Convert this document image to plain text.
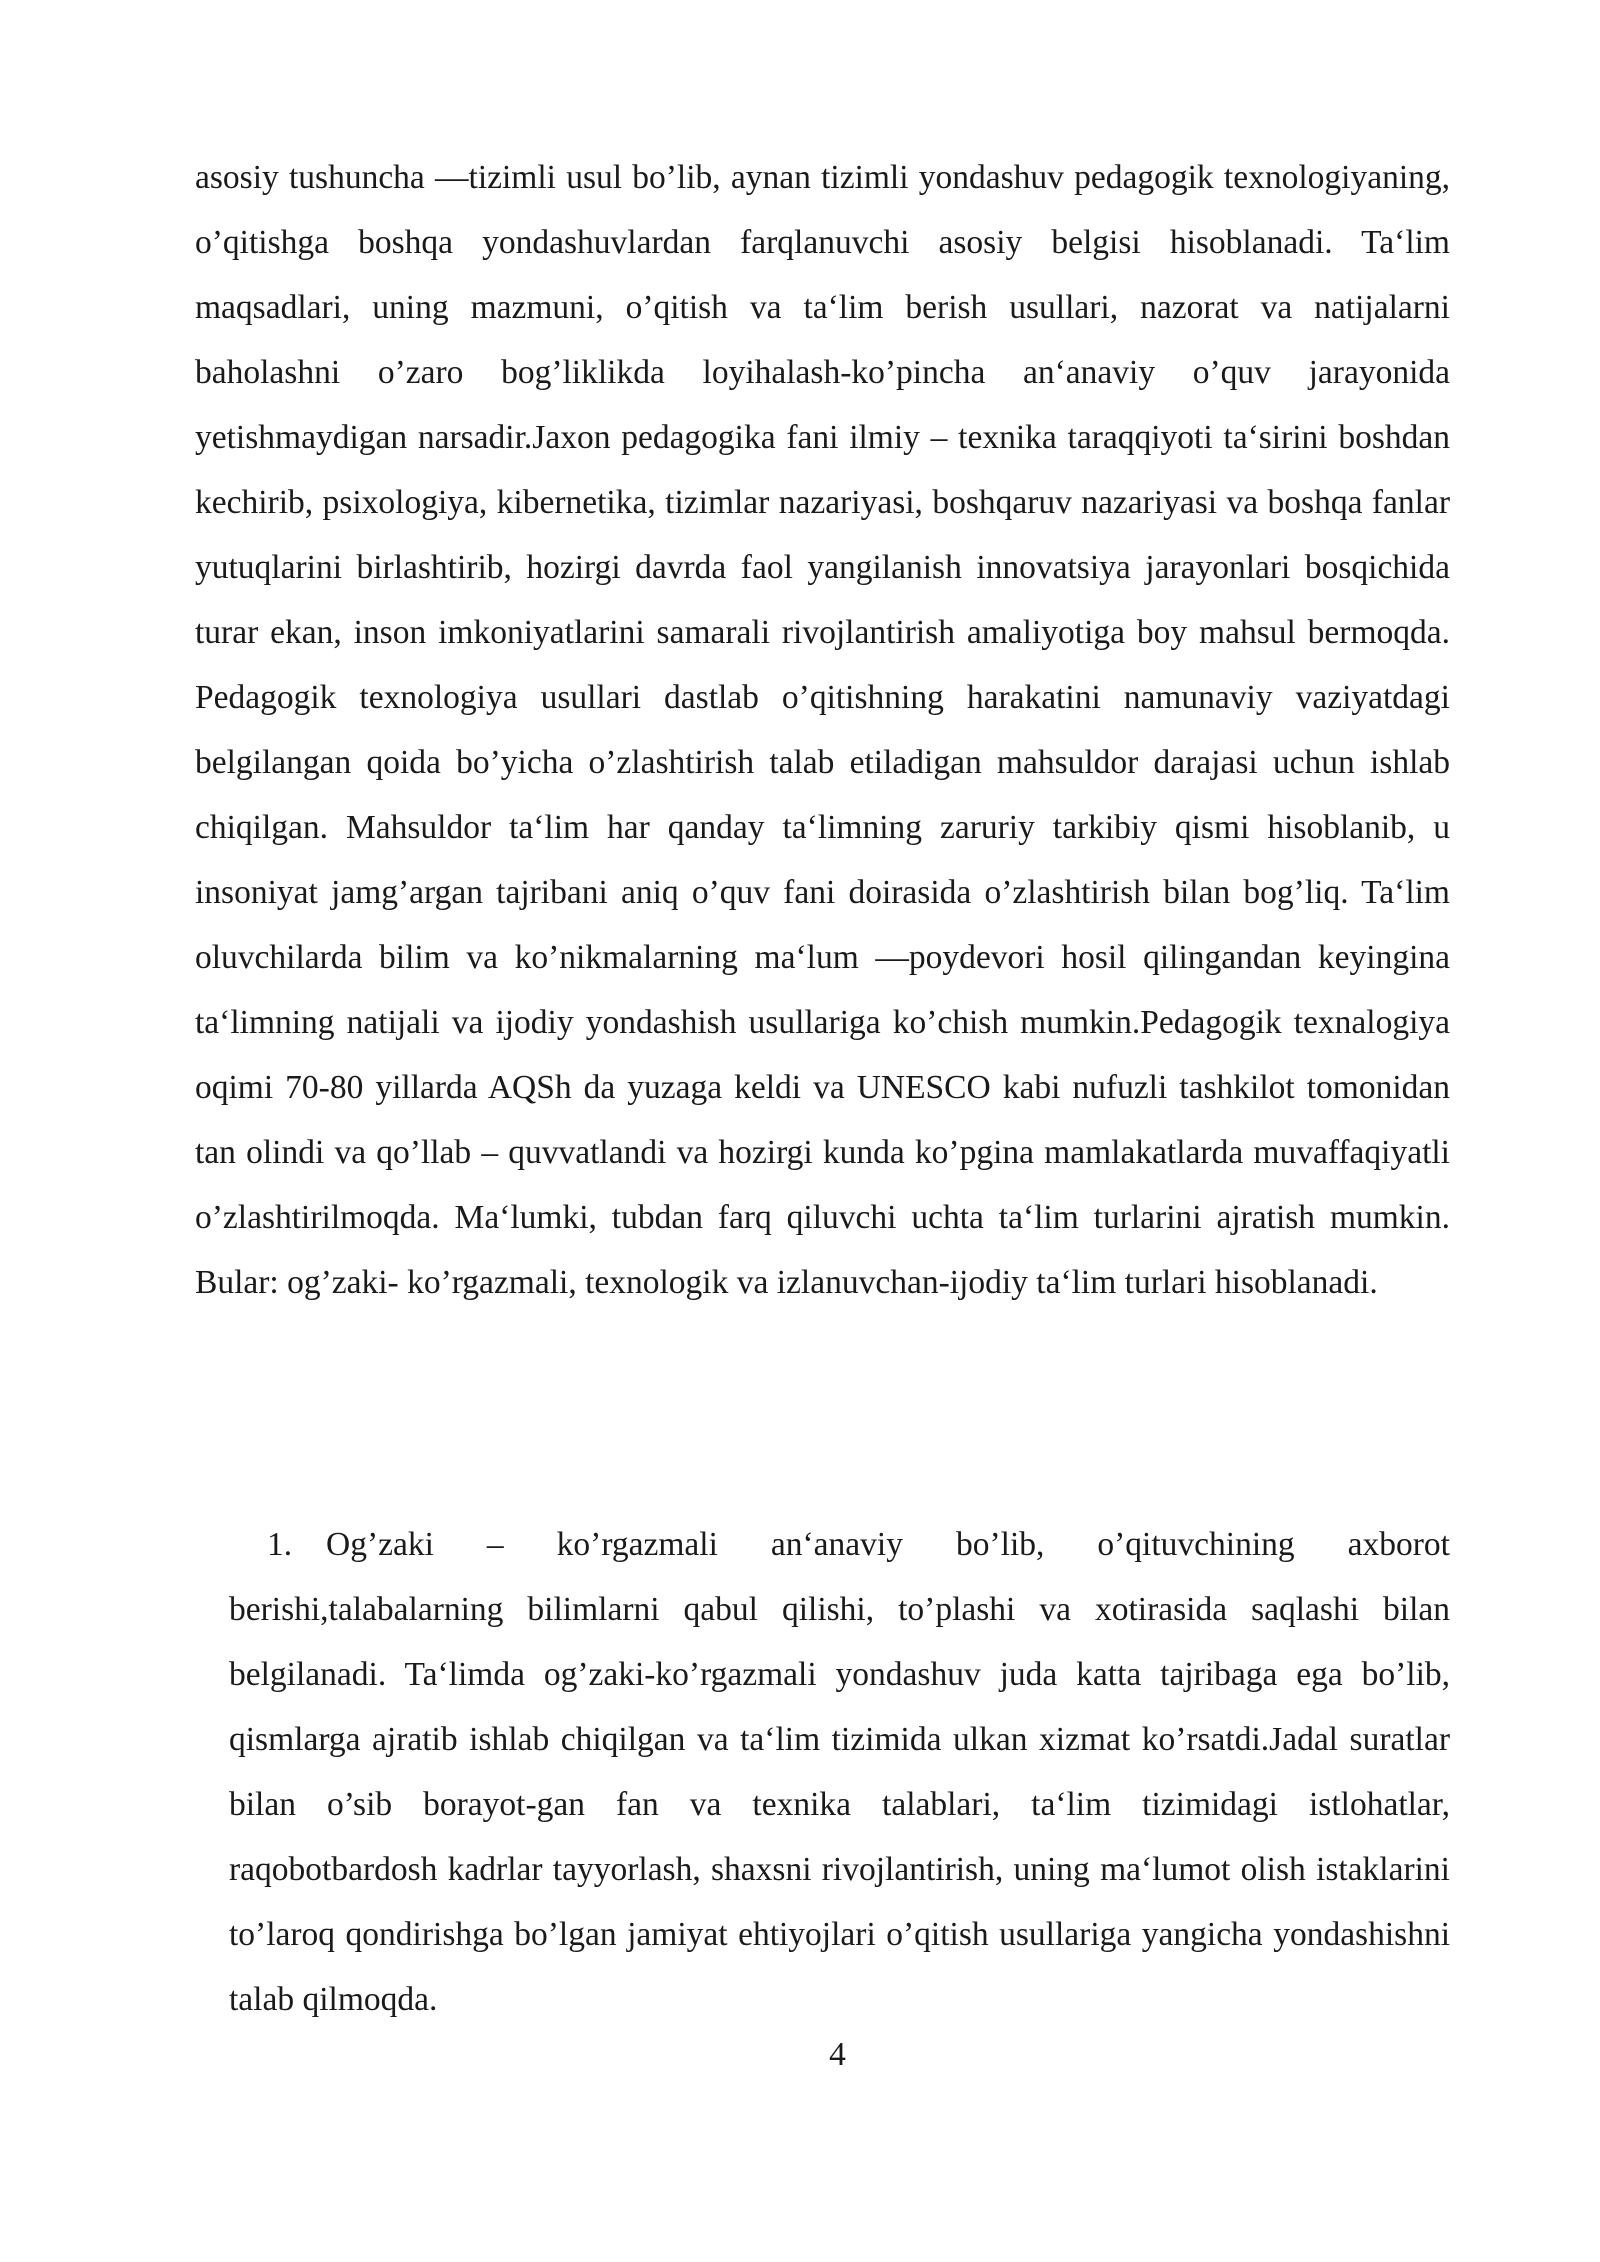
asosiy tushuncha —tizimli usul bo’lib, aynan tizimli yondashuv pedagogik texnologiyaning, o’qitishga boshqa yondashuvlardan farqlanuvchi asosiy belgisi hisoblanadi. Ta‘lim maqsadlari, uning mazmuni, o’qitish va ta‘lim berish usullari, nazorat va natijalarni baholashni o’zaro bog’liklikda loyihalash-ko’pincha an‘anaviy o’quv jarayonida yetishmaydigan narsadir.Jaxon pedagogika fani ilmiy – texnika taraqqiyoti ta‘sirini boshdan kechirib, psixologiya, kibernetika, tizimlar nazariyasi, boshqaruv nazariyasi va boshqa fanlar yutuqlarini birlashtirib, hozirgi davrda faol yangilanish innovatsiya jarayonlari bosqichida turar ekan, inson imkoniyatlarini samarali rivojlantirish amaliyotiga boy mahsul bermoqda. Pedagogik texnologiya usullari dastlab o’qitishning harakatini namunaviy vaziyatdagi belgilangan qoida bo’yicha o’zlashtirish talab etiladigan mahsuldor darajasi uchun ishlab chiqilgan. Mahsuldor ta‘lim har qanday ta‘limning zaruriy tarkibiy qismi hisoblanib, u insoniyat jamg’argan tajribani aniq o’quv fani doirasida o’zlashtirish bilan bog’liq. Ta‘lim oluvchilarda bilim va ko’nikmalarning ma‘lum —poydevori hosil qilingandan keyingina ta‘limning natijali va ijodiy yondashish usullariga ko’chish mumkin.Pedagogik texnalogiya oqimi 70-80 yillarda AQSh da yuzaga keldi va UNESCO kabi nufuzli tashkilot tomonidan tan olindi va qo’llab – quvvatlandi va hozirgi kunda ko’pgina mamlakatlarda muvaffaqiyatli o’zlashtirilmoqda. Ma‘lumki, tubdan farq qiluvchi uchta ta‘lim turlarini ajratish mumkin. Bular: og’zaki- ko’rgazmali, texnologik va izlanuvchan-ijodiy ta‘lim turlari hisoblanadi.

1.	Og’zaki – ko’rgazmali an‘anaviy bo’lib, o’qituvchining axborot berishi,talabalarning bilimlarni qabul qilishi, to’plashi va xotirasida saqlashi bilan belgilanadi. Ta‘limda og’zaki-ko’rgazmali yondashuv juda katta tajribaga ega bo’lib, qismlarga ajratib ishlab chiqilgan va ta‘lim tizimida ulkan xizmat ko’rsatdi.Jadal suratlar bilan o’sib borayot-gan fan va texnika talablari, ta‘lim tizimidagi istlohatlar, raqobotbardosh kadrlar tayyorlash, shaxsni rivojlantirish, uning ma‘lumot olish istaklarini to’laroq qondirishga bo’lgan jamiyat ehtiyojlari o’qitish usullariga yangicha yondashishni talab qilmoqda.
4
